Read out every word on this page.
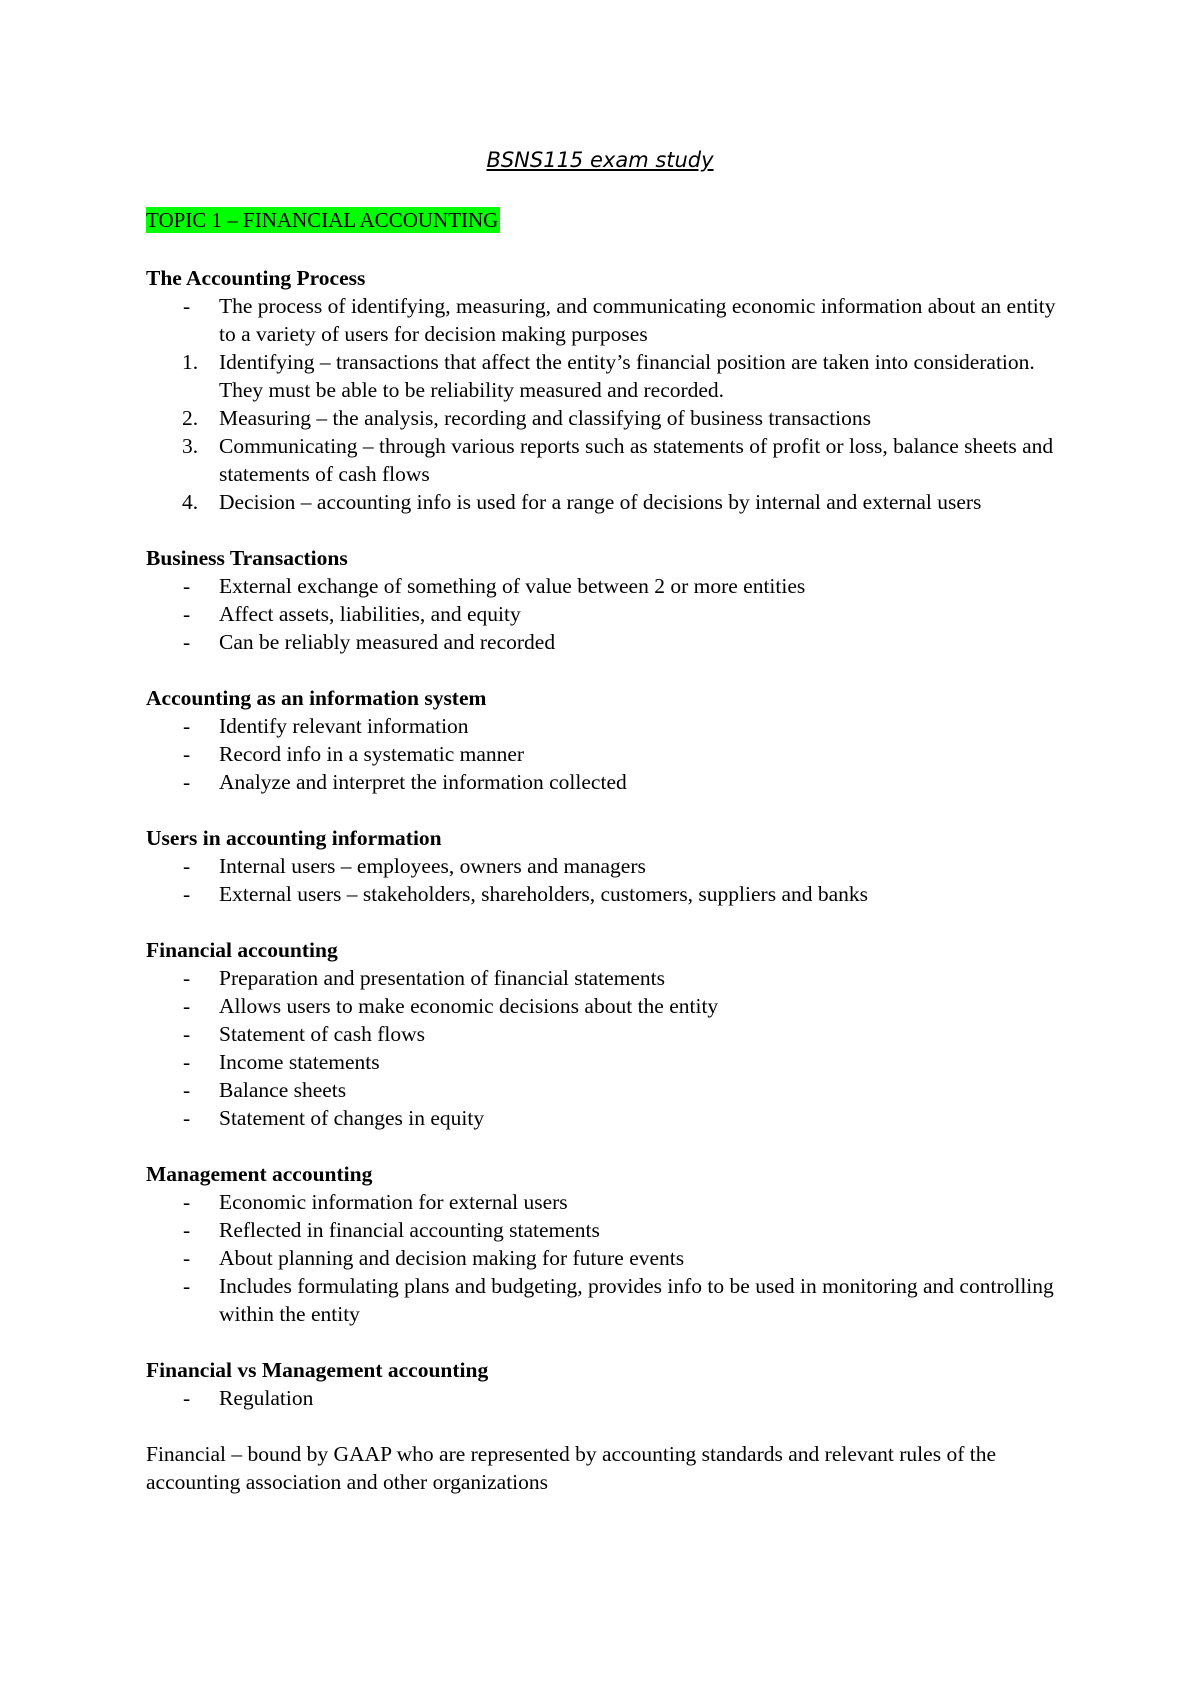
BSNS115 exam study
TOPIC 1 – FINANCIAL ACCOUNTING

The Accounting Process

- The process of identifying, measuring, and communicating economic information about an entity to a variety of users for decision making purposes
1. Identifying – transactions that affect the entity’s financial position are taken into consideration. They must be able to be reliability measured and recorded.
2. Measuring – the analysis, recording and classifying of business transactions
3. Communicating – through various reports such as statements of profit or loss, balance sheets and statements of cash flows
4. Decision – accounting info is used for a range of decisions by internal and external users

Business Transactions

- External exchange of something of value between 2 or more entities
- Affect assets, liabilities, and equity
- Can be reliably measured and recorded

Accounting as an information system

- Identify relevant information
- Record info in a systematic manner
- Analyze and interpret the information collected

Users in accounting information

- Internal users – employees, owners and managers
- External users – stakeholders, shareholders, customers, suppliers and banks

Financial accounting

- Preparation and presentation of financial statements
- Allows users to make economic decisions about the entity
- Statement of cash flows
- Income statements
- Balance sheets
- Statement of changes in equity

Management accounting

- Economic information for external users
- Reflected in financial accounting statements
- About planning and decision making for future events
- Includes formulating plans and budgeting, provides info to be used in monitoring and controlling within the entity

Financial vs Management accounting

- Regulation

Financial – bound by GAAP who are represented by accounting standards and relevant rules of the accounting association and other organizations
